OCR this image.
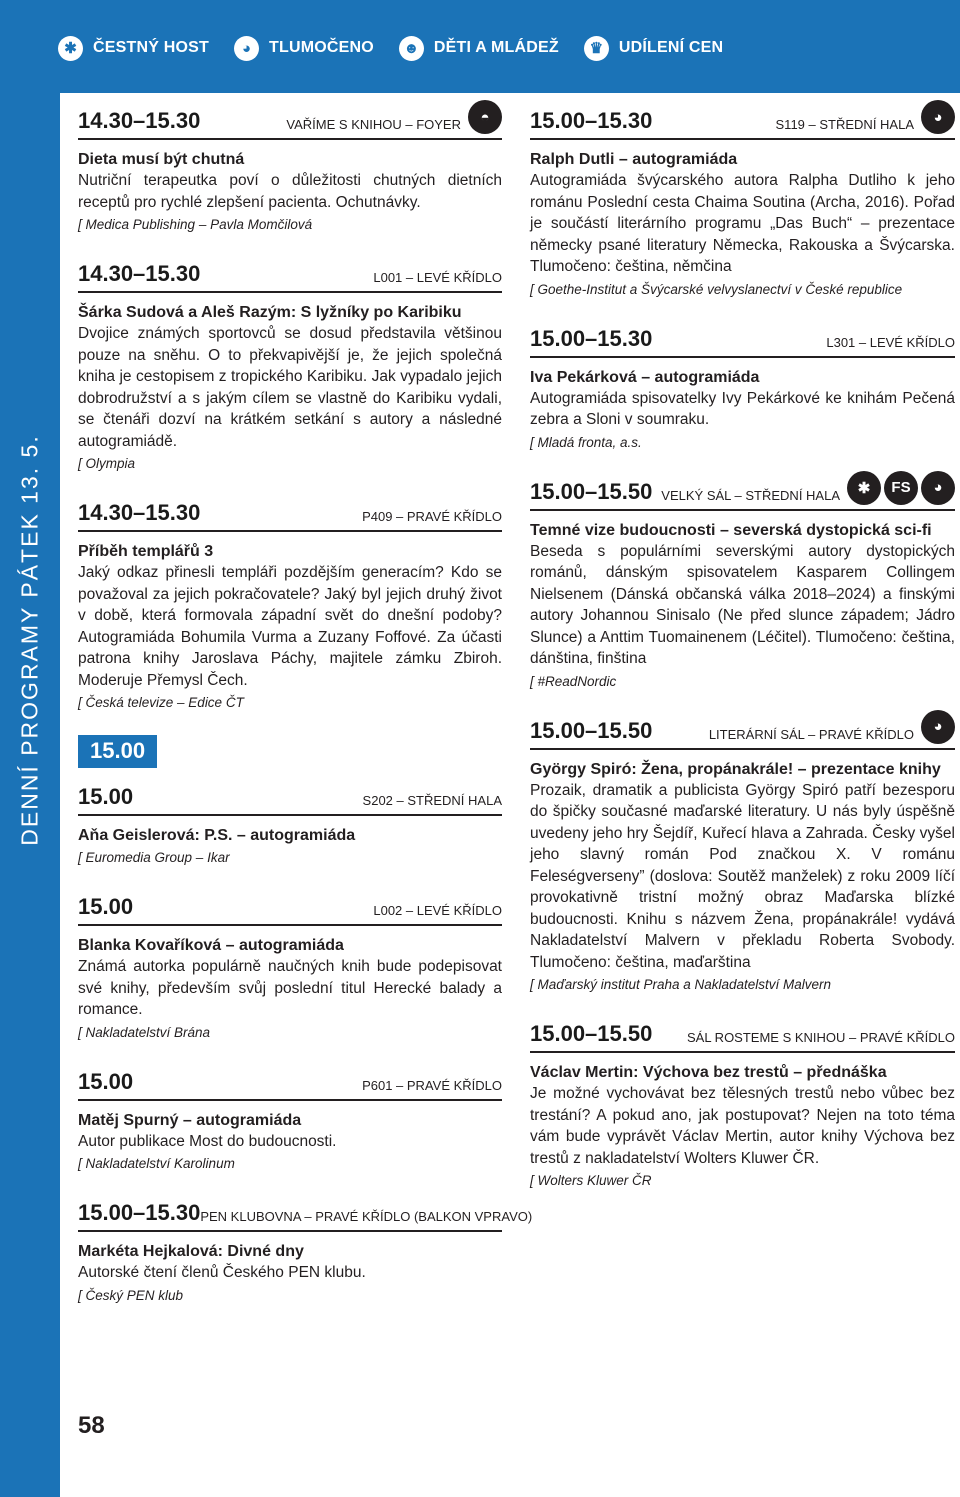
✱	ČESTNÝ HOST	◕	TLUMOČENO	☻ DĚTI A MLÁDEŽ	♛ UDÍLENÍ CEN
DENNÍ PROGRAMY PÁTEK 13. 5.
14.30–15.30	VAŘÍME S KNIHOU – FOYER	◓
Dieta musí být chutná
Nutriční terapeutka poví o důležitosti chutných dietních receptů pro rychlé zlepšení pacienta. Ochutnávky.
[ Medica Publishing – Pavla Momčilová
14.30–15.30	L001 – LEVÉ KŘÍDLO
Šárka Sudová a Aleš Razým: S lyžníky po Karibiku
Dvojice známých sportovců se dosud představila většinou pouze na sněhu. O to překvapivější je, že jejich společná kniha je cestopisem z tropického Karibiku. Jak vypadalo jejich dobrodružství a s jakým cílem se vlastně do Karibiku vydali, se čtenáři dozví na krátkém setkání s autory a následné autogramiádě.
[ Olympia
14.30–15.30	P409 – PRAVÉ KŘÍDLO
Příběh templářů 3
Jaký odkaz přinesli templáři pozdějším generacím? Kdo se považoval za jejich pokračovatele? Jaký byl jejich druhý život v době, která formovala západní svět do dnešní podoby? Autogramiáda Bohumila Vurma a Zuzany Foffové. Za účasti patrona knihy Jaroslava Páchy, majitele zámku Zbiroh. Moderuje Přemysl Čech.
[ Česká televize – Edice ČT
15.00
15.00	S202 – STŘEDNÍ HALA
Aňa Geislerová: P.S. – autogramiáda
[ Euromedia Group – Ikar
15.00	L002 – LEVÉ KŘÍDLO
Blanka Kovaříková – autogramiáda
Známá autorka populárně naučných knih bude podepisovat své knihy, především svůj poslední titul Herecké balady a romance.
[ Nakladatelství Brána
15.00	P601 – PRAVÉ KŘÍDLO
Matěj Spurný – autogramiáda
Autor publikace Most do budoucnosti.
[ Nakladatelství Karolinum
15.00–15.30 PEN KLUBOVNA – PRAVÉ KŘÍDLO (BALKON VPRAVO)
Markéta Hejkalová: Divné dny
Autorské čtení členů Českého PEN klubu.
[ Český PEN klub
15.00–15.30	S119 – STŘEDNÍ HALA	◕
Ralph Dutli – autogramiáda
Autogramiáda švýcarského autora Ralpha Dutliho k jeho románu Poslední cesta Chaima Soutina (Archa, 2016). Pořad je součástí literárního programu „Das Buch“ – prezentace německy psané literatury Německa, Rakouska a Švýcarska. Tlumočeno: čeština, němčina
[ Goethe-Institut a Švýcarské velvyslanectví v České republice
15.00–15.30	L301 – LEVÉ KŘÍDLO
Iva Pekárková – autogramiáda
Autogramiáda spisovatelky Ivy Pekárkové ke knihám Pečená zebra a Sloni v soumraku.
[ Mladá fronta, a.s.
15.00–15.50 VELKÝ SÁL – STŘEDNÍ HALA	✱	FS	◕
Temné vize budoucnosti – severská dystopická sci-fi
Beseda s populárními severskými autory dystopických románů, dánským spisovatelem Kasparem Collingem Nielsenem (Dánská občanská válka 2018–2024) a finskými autory Johannou Sinisalo (Ne před slunce západem; Jádro Slunce) a Anttim Tuomainenem (Léčitel). Tlumočeno: čeština, dánština, finština
[ #ReadNordic
15.00–15.50	LITERÁRNÍ SÁL – PRAVÉ KŘÍDLO	◕
György Spiró: Žena, propánakrále! – prezentace knihy
Prozaik, dramatik a publicista György Spiró patří bezesporu do špičky současné maďarské literatury. U nás byly úspěšně uvedeny jeho hry Šejdíř, Kuřecí hlava a Zahrada. Česky vyšel jeho slavný román Pod značkou X. V románu Feleségverseny” (doslova: Soutěž manželek) z roku 2009 líčí provokativně tristní možný obraz Maďarska blízké budoucnosti. Knihu s názvem Žena, propánakrále! vydává Nakladatelství Malvern v překladu Roberta Svobody. Tlumočeno: čeština, maďarština
[ Maďarský institut Praha a Nakladatelství Malvern
15.00–15.50	SÁL ROSTEME S KNIHOU – PRAVÉ KŘÍDLO
Václav Mertin: Výchova bez trestů – přednáška
Je možné vychovávat bez tělesných trestů nebo vůbec bez trestání? A pokud ano, jak postupovat? Nejen na toto téma vám bude vyprávět Václav Mertin, autor knihy Výchova bez trestů z nakladatelství Wolters Kluwer ČR.
[ Wolters Kluwer ČR
58
